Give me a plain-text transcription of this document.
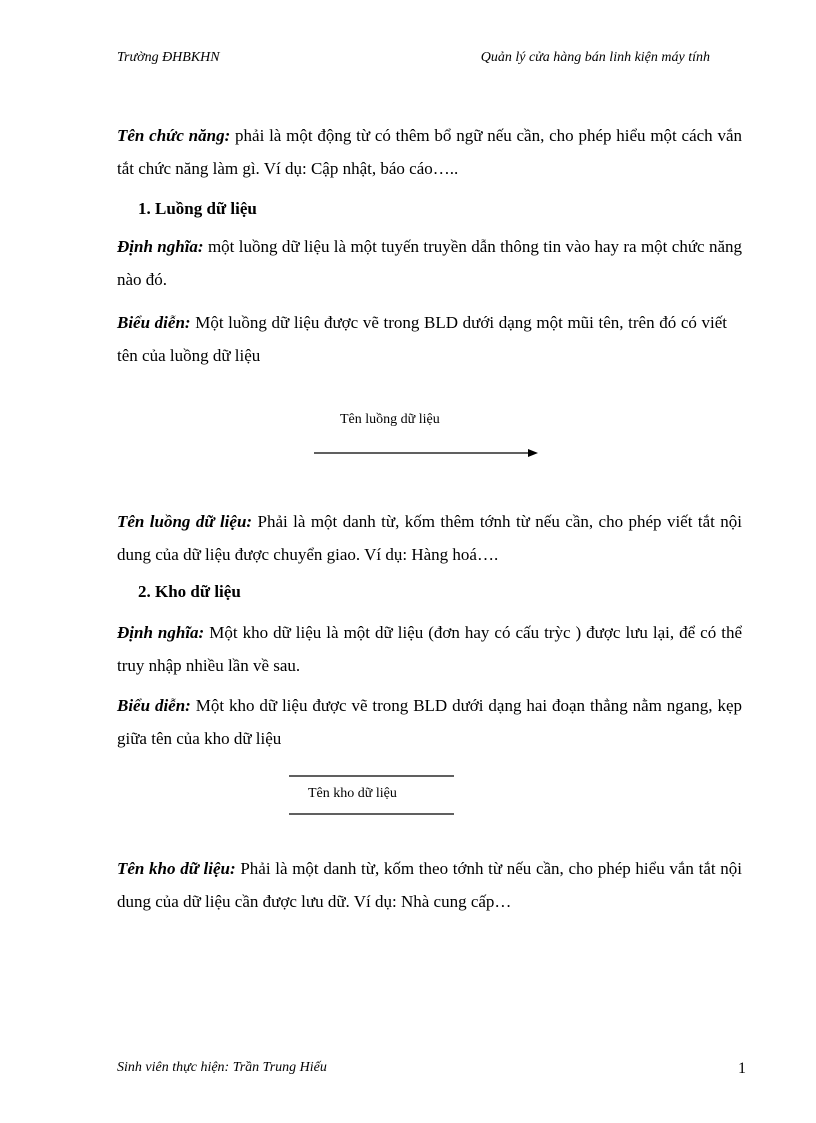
Trường ĐHBKHN	Quản lý cửa hàng bán linh kiện máy tính
Tên chức năng: phải là một động từ có thêm bổ ngữ nếu cần, cho phép hiểu một cách vắn tắt chức năng làm gì. Ví dụ: Cập nhật, báo cáo…..
1. Luồng dữ liệu
Định nghĩa: một luồng dữ liệu là một tuyến truyền dẫn thông tin vào hay ra một chức năng nào đó.
Biểu diễn: Một luồng dữ liệu được vẽ trong BLD dưới dạng một mũi tên, trên đó có viết tên của luồng dữ liệu
Tên luồng dữ liệu
Tên luồng dữ liệu: Phải là một danh từ, kốm thêm tớnh từ nếu cần, cho phép viết tắt nội dung của dữ liệu được chuyển giao. Ví dụ: Hàng hoá….
2. Kho dữ liệu
Định nghĩa: Một kho dữ liệu là một dữ liệu (đơn hay có cấu trỳc ) được lưu lại, để có thể truy nhập nhiều lần về sau.
Biểu diễn: Một kho dữ liệu được vẽ trong BLD dưới dạng hai đoạn thẳng nằm ngang, kẹp giữa tên của kho dữ liệu
Tên kho dữ liệu
Tên kho dữ liệu: Phải là một danh từ, kốm theo tớnh từ nếu cần, cho phép hiểu vắn tắt nội dung của dữ liệu cần được lưu dữ. Ví dụ: Nhà cung cấp…
Sinh viên thực hiện: Trần Trung Hiếu	1
